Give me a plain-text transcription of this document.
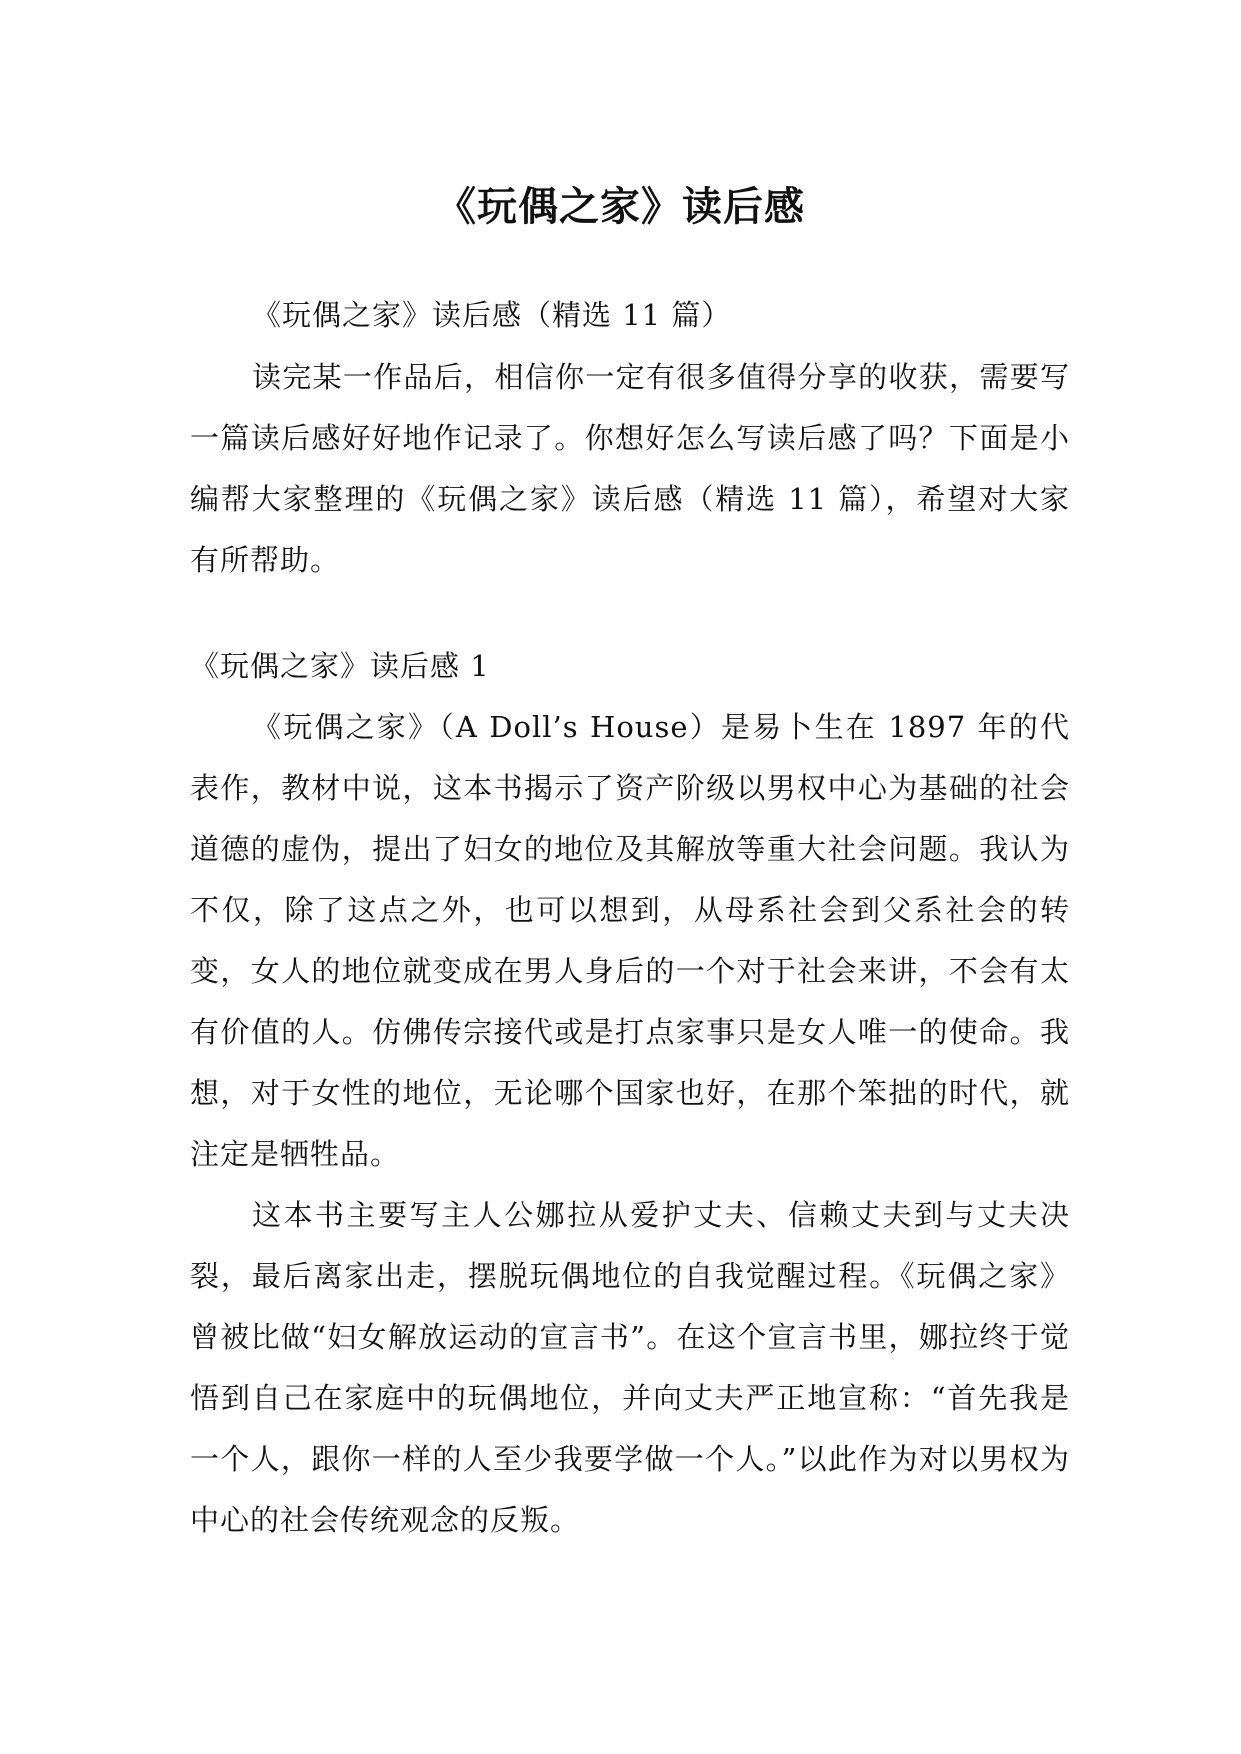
《玩偶之家》读后感

《玩偶之家》读后感（精选 11 篇）

读完某一作品后，相信你一定有很多值得分享的收获，需要写一篇读后感好好地作记录了。你想好怎么写读后感了吗？下面是小编帮大家整理的《玩偶之家》读后感（精选 11 篇），希望对大家有所帮助。

《玩偶之家》读后感 1

《玩偶之家》（A Doll’s House）是易卜生在 1897 年的代表作，教材中说，这本书揭示了资产阶级以男权中心为基础的社会道德的虚伪，提出了妇女的地位及其解放等重大社会问题。我认为不仅，除了这点之外，也可以想到，从母系社会到父系社会的转变，女人的地位就变成在男人身后的一个对于社会来讲，不会有太有价值的人。仿佛传宗接代或是打点家事只是女人唯一的使命。我想，对于女性的地位，无论哪个国家也好，在那个笨拙的时代，就注定是牺牲品。

这本书主要写主人公娜拉从爱护丈夫、信赖丈夫到与丈夫决裂，最后离家出走，摆脱玩偶地位的自我觉醒过程。《玩偶之家》曾被比做“妇女解放运动的宣言书”。在这个宣言书里，娜拉终于觉悟到自己在家庭中的玩偶地位，并向丈夫严正地宣称：“首先我是一个人，跟你一样的人至少我要学做一个人。”以此作为对以男权为中心的社会传统观念的反叛。
